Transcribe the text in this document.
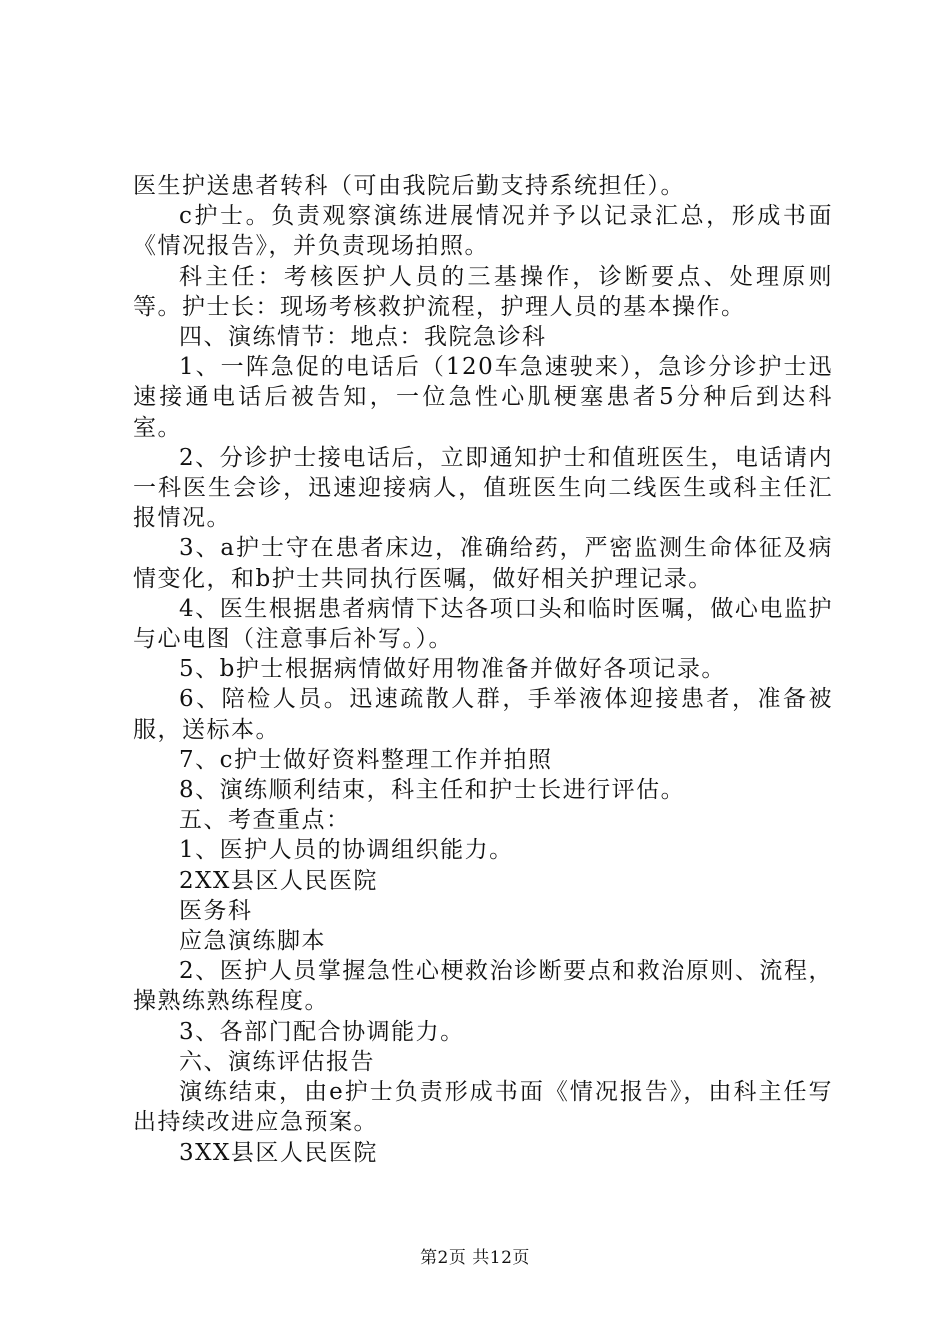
医生护送患者转科（可由我院后勤支持系统担任）。

c护士。负责观察演练进展情况并予以记录汇总，形成书面《情况报告》，并负责现场拍照。

科主任：考核医护人员的三基操作，诊断要点、处理原则等。护士长：现场考核救护流程，护理人员的基本操作。

四、演练情节：地点：我院急诊科

1、一阵急促的电话后（120车急速驶来），急诊分诊护士迅速接通电话后被告知，一位急性心肌梗塞患者5分种后到达科室。

2、分诊护士接电话后，立即通知护士和值班医生，电话请内一科医生会诊，迅速迎接病人，值班医生向二线医生或科主任汇报情况。

3、a护士守在患者床边，准确给药，严密监测生命体征及病情变化，和b护士共同执行医嘱，做好相关护理记录。

4、医生根据患者病情下达各项口头和临时医嘱，做心电监护与心电图（注意事后补写。）。

5、b护士根据病情做好用物准备并做好各项记录。

6、陪检人员。迅速疏散人群，手举液体迎接患者，准备被服，送标本。

7、c护士做好资料整理工作并拍照

8、演练顺利结束，科主任和护士长进行评估。

五、考查重点：

1、医护人员的协调组织能力。

2XX县区人民医院

医务科

应急演练脚本

2、医护人员掌握急性心梗救治诊断要点和救治原则、流程，操熟练熟练程度。

3、各部门配合协调能力。

六、演练评估报告

演练结束，由e护士负责形成书面《情况报告》，由科主任写出持续改进应急预案。

3XX县区人民医院

第2页 共12页
